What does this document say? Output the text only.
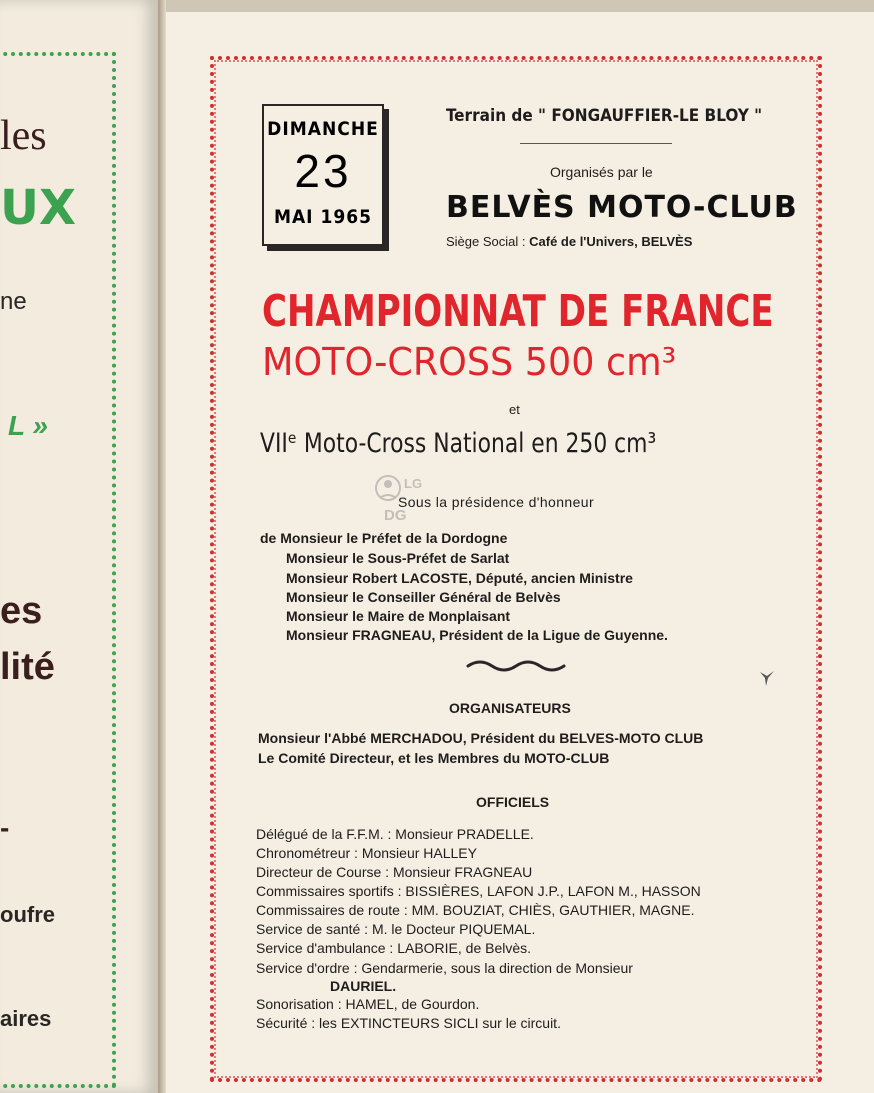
les
UX
ne
L »
es
lité
-
oufre
aires
DIMANCHE
23
MAI 1965
Terrain de " FONGAUFFIER-LE BLOY "
Organisés par le
BELVÈS MOTO-CLUB
Siège Social : Café de l'Univers, BELVÈS
CHAMPIONNAT DE FRANCE
MOTO-CROSS 500 cm³
et
VIIᵉ Moto-Cross National en 250 cm³
LG
DG
Sous la présidence d'honneur
de Monsieur le Préfet de la Dordogne
Monsieur le Sous-Préfet de Sarlat
Monsieur Robert LACOSTE, Député, ancien Ministre
Monsieur le Conseiller Général de Belvès
Monsieur le Maire de Monplaisant
Monsieur FRAGNEAU, Président de la Ligue de Guyenne.
ORGANISATEURS
Monsieur l'Abbé MERCHADOU, Président du BELVES-MOTO CLUB
Le Comité Directeur, et les Membres du MOTO-CLUB
OFFICIELS
Délégué de la F.F.M. : Monsieur PRADELLE.
Chronométreur : Monsieur HALLEY
Directeur de Course : Monsieur FRAGNEAU
Commissaires sportifs : BISSIÈRES, LAFON J.P., LAFON M., HASSON
Commissaires de route : MM. BOUZIAT, CHIÈS, GAUTHIER, MAGNE.
Service de santé : M. le Docteur PIQUEMAL.
Service d'ambulance : LABORIE, de Belvès.
Service d'ordre : Gendarmerie, sous la direction de Monsieur
DAURIEL.
Sonorisation : HAMEL, de Gourdon.
Sécurité : les EXTINCTEURS SICLI sur le circuit.
